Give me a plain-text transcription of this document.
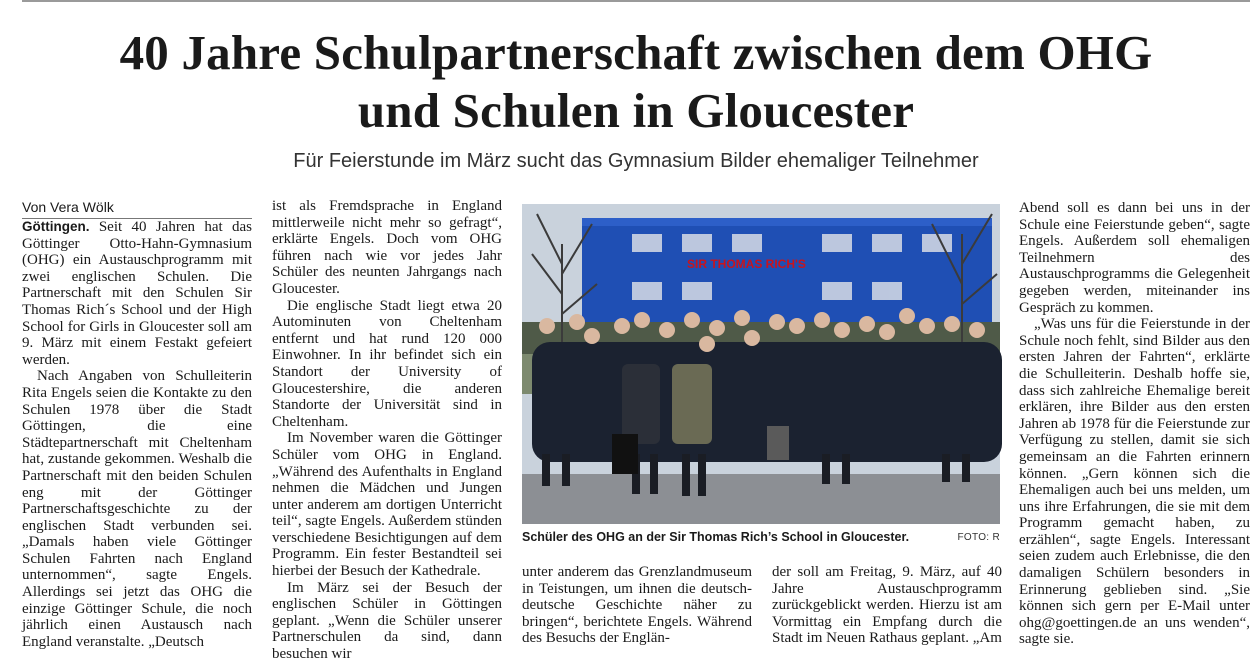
40 Jahre Schulpartnerschaft zwischen dem OHG
und Schulen in Gloucester
Für Feierstunde im März sucht das Gymnasium Bilder ehemaliger Teilnehmer

Von Vera Wölk

Göttingen. Seit 40 Jahren hat das Göttinger Otto-Hahn-Gymnasium (OHG) ein Austauschprogramm mit zwei englischen Schulen. Die Partnerschaft mit den Schulen Sir Thomas Rich´s School und der High School for Girls in Gloucester soll am 9. März mit einem Festakt gefeiert werden.

Nach Angaben von Schulleiterin Rita Engels seien die Kontakte zu den Schulen 1978 über die Stadt Göttingen, die eine Städtepartnerschaft mit Cheltenham hat, zustande gekommen. Weshalb die Partnerschaft mit den beiden Schulen eng mit der Göttinger Partnerschaftsgeschichte zu der englischen Stadt verbunden sei. „Damals haben viele Göttinger Schulen Fahrten nach England unternommen“, sagte Engels. Allerdings sei jetzt das OHG die einzige Göttinger Schule, die noch jährlich einen Austausch nach England veranstalte. „Deutsch

ist als Fremdsprache in England mittlerweile nicht mehr so gefragt“, erklärte Engels. Doch vom OHG führen nach wie vor jedes Jahr Schüler des neunten Jahrgangs nach Gloucester.

Die englische Stadt liegt etwa 20 Autominuten von Cheltenham entfernt und hat rund 120 000 Einwohner. In ihr befindet sich ein Standort der University of Gloucestershire, die anderen Standorte der Universität sind in Cheltenham.

Im November waren die Göttinger Schüler vom OHG in England. „Während des Aufenthalts in England nehmen die Mädchen und Jungen unter anderem am dortigen Unterricht teil“, sagte Engels. Außerdem stünden verschiedene Besichtigungen auf dem Programm. Ein fester Bestandteil sei hierbei der Besuch der Kathedrale.

Im März sei der Besuch der englischen Schüler in Göttingen geplant. „Wenn die Schüler unserer Partnerschulen da sind, dann besuchen wir

SIR THOMAS RICH'S
Schüler des OHG an der Sir Thomas Rich’s School in Gloucester.	FOTO: R

unter anderem das Grenzlandmuseum in Teistungen, um ihnen die deutsch-deutsche Geschichte näher zu bringen“, berichtete Engels. Während des Besuchs der Englän-

der soll am Freitag, 9. März, auf 40 Jahre Austauschprogramm zurückgeblickt werden. Hierzu ist am Vormittag ein Empfang durch die Stadt im Neuen Rathaus geplant. „Am

Abend soll es dann bei uns in der Schule eine Feierstunde geben“, sagte Engels. Außerdem soll ehemaligen Teilnehmern des Austauschprogramms die Gelegenheit gegeben werden, miteinander ins Gespräch zu kommen.

„Was uns für die Feierstunde in der Schule noch fehlt, sind Bilder aus den ersten Jahren der Fahrten“, erklärte die Schulleiterin. Deshalb hoffe sie, dass sich zahlreiche Ehemalige bereit erklären, ihre Bilder aus den ersten Jahren ab 1978 für die Feierstunde zur Verfügung zu stellen, damit sie sich gemeinsam an die Fahrten erinnern können. „Gern können sich die Ehemaligen auch bei uns melden, um uns ihre Erfahrungen, die sie mit dem Programm gemacht haben, zu erzählen“, sagte Engels. Interessant seien zudem auch Erlebnisse, die den damaligen Schülern besonders in Erinnerung geblieben sind. „Sie können sich gern per E-Mail unter ohg@goettingen.de an uns wenden“, sagte sie.
